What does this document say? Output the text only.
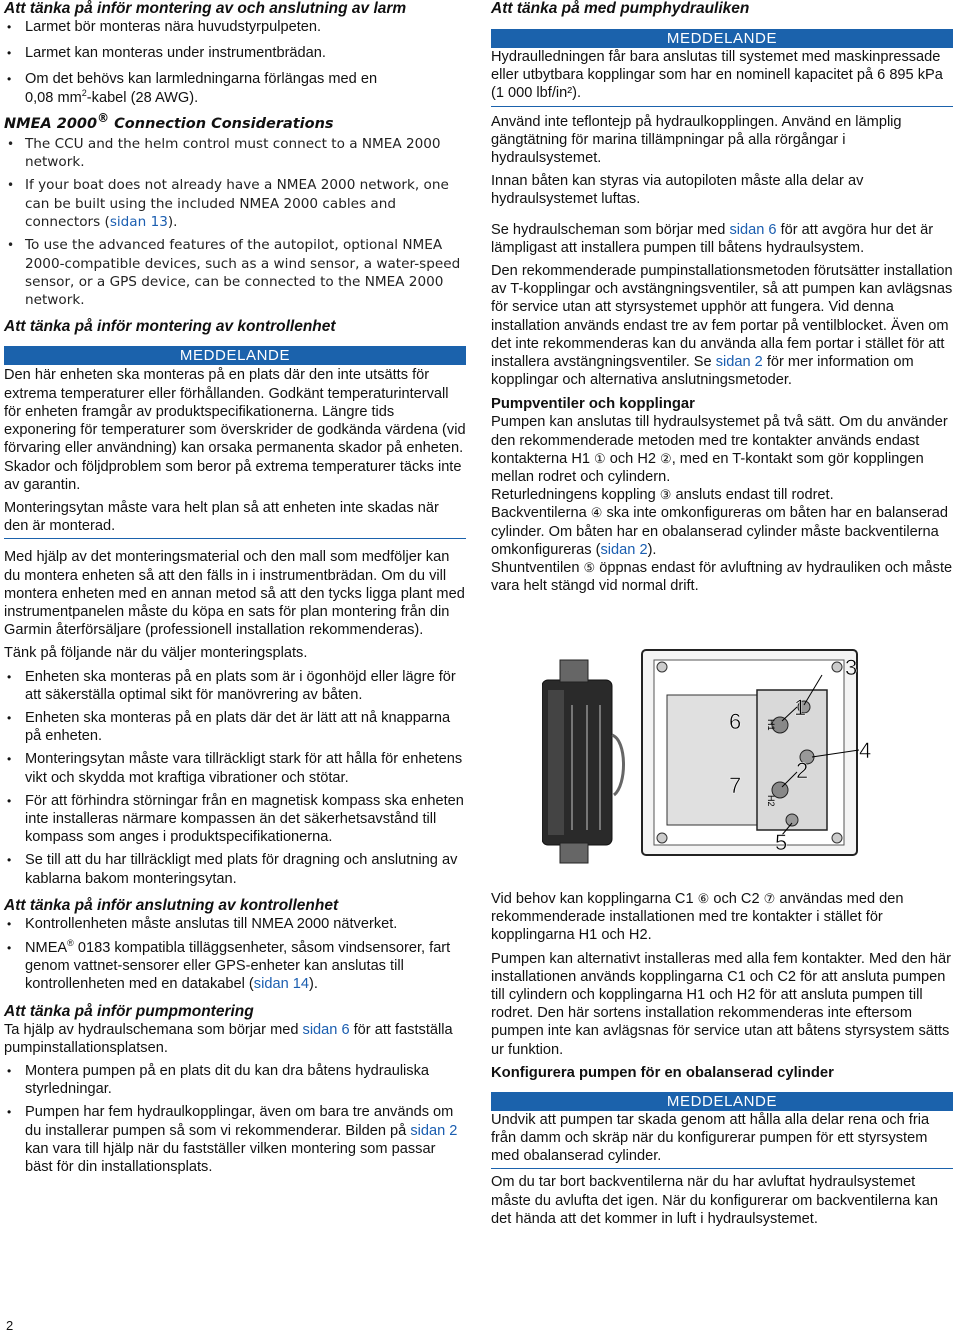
Att tänka på inför montering av och anslutning av larm
• Larmet bör monteras nära huvudstyrpulpeten.
• Larmet kan monteras under instrumentbrädan.
• Om det behövs kan larmledningarna förlängas med en
0,08 $mm^2$-kabel (28 AWG).
NMEA 2000® Connection Considerations
• The CCU and the helm control must connect to a NMEA 2000 network.
• If your boat does not already have a NMEA 2000 network, one can be built using the included NMEA 2000 cables and connectors (sidan 13).
• To use the advanced features of the autopilot, optional NMEA 2000-compatible devices, such as a wind sensor, a water-speed sensor, or a GPS device, can be connected to the NMEA 2000 network.
Att tänka på inför montering av kontrollenhet
MEDDELANDE

Den här enheten ska monteras på en plats där den inte utsätts för extrema temperaturer eller förhållanden. Godkänt temperaturintervall för enheten framgår av produktspecifikationerna. Längre tids exponering för temperaturer som överskrider de godkända värdena (vid förvaring eller användning) kan orsaka permanenta skador på enheten. Skador och följdproblem som beror på extrema temperaturer täcks inte av garantin.

Monteringsytan måste vara helt plan så att enheten inte skadas när den är monterad.

Med hjälp av det monteringsmaterial och den mall som medföljer kan du montera enheten så att den fälls in i instrumentbrädan. Om du vill montera enheten med en annan metod så att den tycks ligga plant med instrumentpanelen måste du köpa en sats för plan montering från din Garmin återförsäljare (professionell installation rekommenderas).

Tänk på följande när du väljer monteringsplats.

• Enheten ska monteras på en plats som är i ögonhöjd eller lägre för att säkerställa optimal sikt för manövrering av båten.
• Enheten ska monteras på en plats där det är lätt att nå knapparna på enheten.
• Monteringsytan måste vara tillräckligt stark för att hålla för enhetens vikt och skydda mot kraftiga vibrationer och stötar.
• För att förhindra störningar från en magnetisk kompass ska enheten inte installeras närmare kompassen än det säkerhetsavstånd till kompass som anges i produktspecifikationerna.
• Se till att du har tillräckligt med plats för dragning och anslutning av kablarna bakom monteringsytan.
Att tänka på inför anslutning av kontrollenhet
• Kontrollenheten måste anslutas till NMEA 2000 nätverket.
• NMEA® 0183 kompatibla tilläggsenheter, såsom vindsensorer, fart genom vattnet-sensorer eller GPS-enheter kan anslutas till kontrollenheten med en datakabel (sidan 14).
Att tänka på inför pumpmontering

Ta hjälp av hydraulschemana som börjar med sidan 6 för att fastställa pumpinstallationsplatsen.

• Montera pumpen på en plats dit du kan dra båtens hydrauliska styrledningar.
• Pumpen har fem hydraulkopplingar, även om bara tre används om du installerar pumpen så som vi rekommenderar. Bilden på sidan 2 kan vara till hjälp när du fastställer vilken montering som passar bäst för din installationsplats.
Att tänka på med pumphydrauliken
MEDDELANDE

Hydraulledningen får bara anslutas till systemet med maskinpressade eller utbytbara kopplingar som har en nominell kapacitet på 6 895 kPa (1 000 lbf/in²).

Använd inte teflontejp på hydraulkopplingen. Använd en lämplig gängtätning för marina tillämpningar på alla rörgångar i hydraulsystemet.

Innan båten kan styras via autopiloten måste alla delar av hydraulsystemet luftas.

Se hydraulscheman som börjar med sidan 6 för att avgöra hur det är lämpligast att installera pumpen till båtens hydraulsystem.

Den rekommenderade pumpinstallationsmetoden förutsätter installation av T-kopplingar och avstängningsventiler, så att pumpen kan avlägsnas för service utan att styrsystemet upphör att fungera. Vid denna installation används endast tre av fem portar på ventilblocket. Även om det inte rekommenderas kan du använda alla fem portar i stället för att installera avstängningsventiler. Se sidan 2 för mer information om kopplingar och alternativa anslutningsmetoder.

Pumpventiler och kopplingar

Pumpen kan anslutas till hydraulsystemet på två sätt. Om du använder den rekommenderade metoden med tre kontakter används endast kontakterna H1 ① och H2 ②, med en T-kontakt som gör kopplingen mellan rodret och cylindern.

Returledningens koppling ③ ansluts endast till rodret.

Backventilerna ④ ska inte omkonfigureras om båten har en balanserad cylinder. Om båten har en obalanserad cylinder måste backventilerna omkonfigureras (sidan 2).

Shuntventilen ⑤ öppnas endast för avluftning av hydrauliken och måste vara helt stängd vid normal drift.

H1
H2
3
1
6
4
2
7
5

Vid behov kan kopplingarna C1 ⑥ och C2 ⑦ användas med den rekommenderade installationen med tre kontakter i stället för kopplingarna H1 och H2.

Pumpen kan alternativt installeras med alla fem kontakter. Med den här installationen används kopplingarna C1 och C2 för att ansluta pumpen till cylindern och kopplingarna H1 och H2 för att ansluta pumpen till rodret. Den här sortens installation rekommenderas inte eftersom pumpen inte kan avlägsnas för service utan att båtens styrsystem sätts ur funktion.

Konfigurera pumpen för en obalanserad cylinder
MEDDELANDE

Undvik att pumpen tar skada genom att hålla alla delar rena och fria från damm och skräp när du konfigurerar pumpen för ett styrsystem med obalanserad cylinder.

Om du tar bort backventilerna när du har avluftat hydraulsystemet måste du avlufta det igen. När du konfigurerar om backventilerna kan det hända att det kommer in luft i hydraulsystemet.

2
